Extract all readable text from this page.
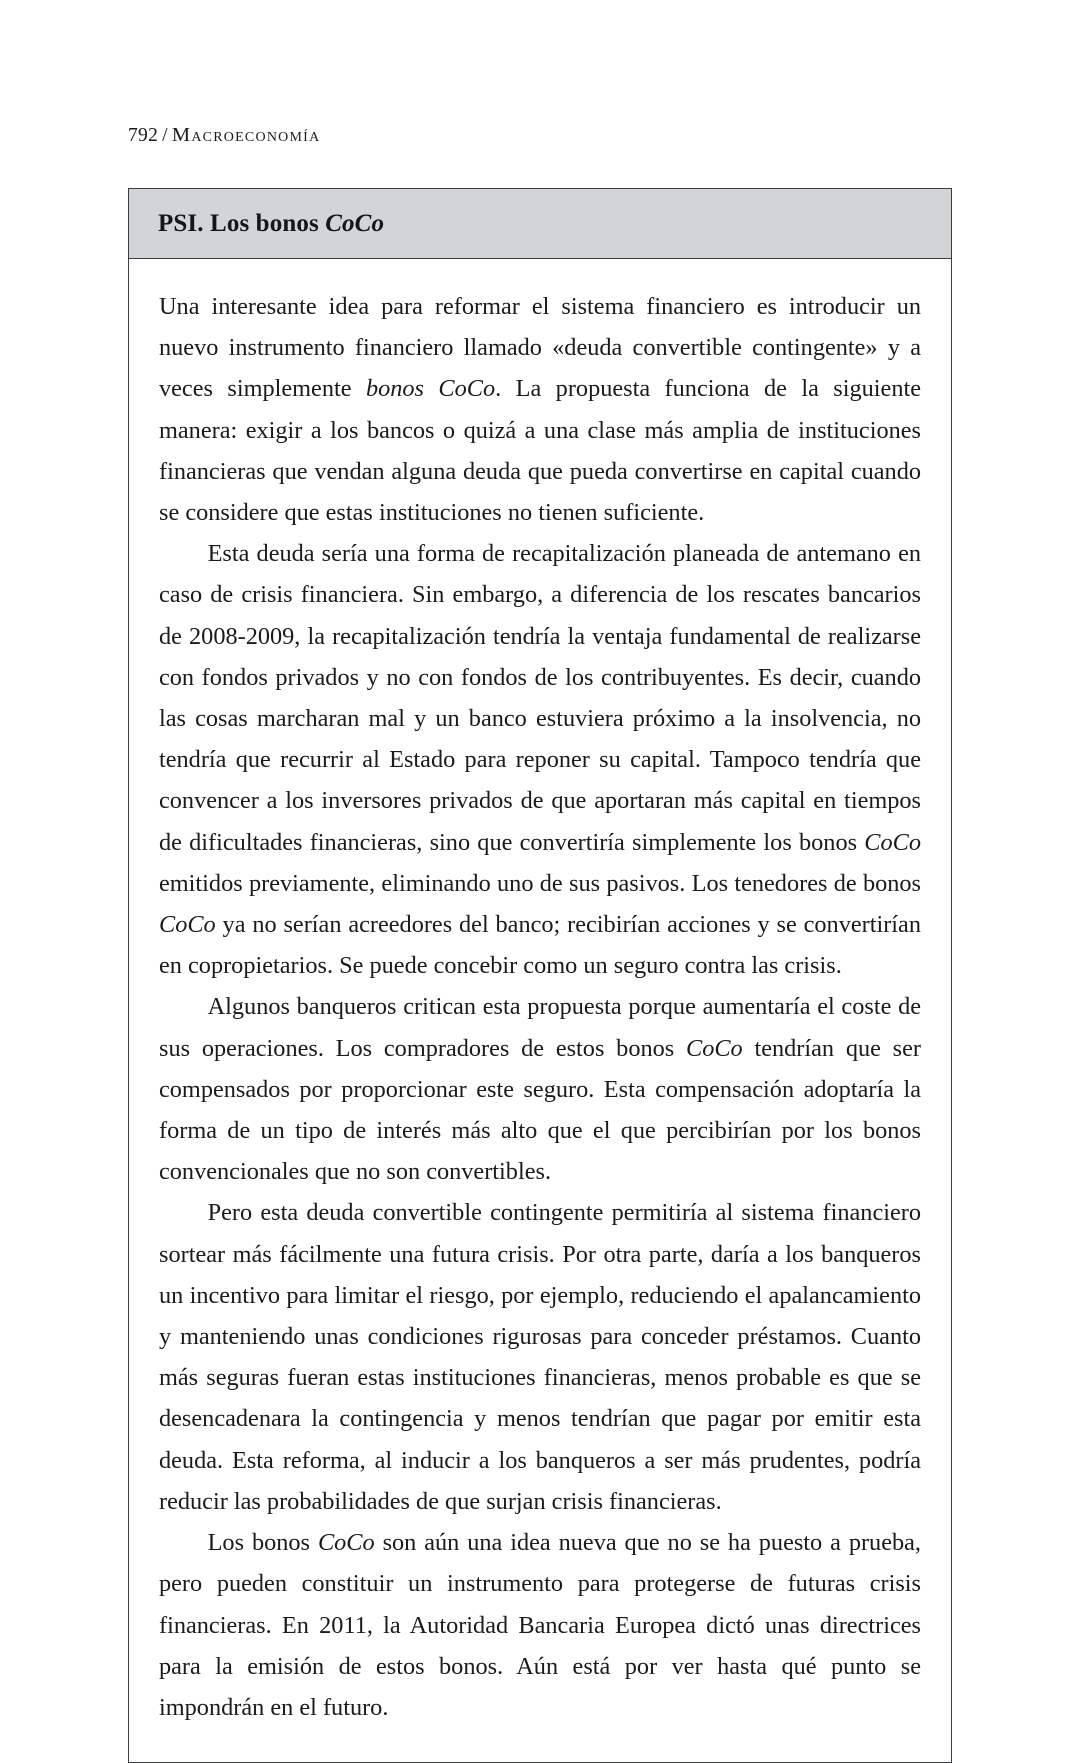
792 / Macroeconomía
PSI. Los bonos CoCo

Una interesante idea para reformar el sistema financiero es introducir un nuevo instrumento financiero llamado «deuda convertible contingente» y a veces simplemente bonos CoCo. La propuesta funciona de la siguiente manera: exigir a los bancos o quizá a una clase más amplia de instituciones financieras que vendan alguna deuda que pueda convertirse en capital cuando se considere que estas instituciones no tienen suficiente.

Esta deuda sería una forma de recapitalización planeada de antemano en caso de crisis financiera. Sin embargo, a diferencia de los rescates bancarios de 2008-2009, la recapitalización tendría la ventaja fundamental de realizarse con fondos privados y no con fondos de los contribuyentes. Es decir, cuando las cosas marcharan mal y un banco estuviera próximo a la insolvencia, no tendría que recurrir al Estado para reponer su capital. Tampoco tendría que convencer a los inversores privados de que aportaran más capital en tiempos de dificultades financieras, sino que convertiría simplemente los bonos CoCo emitidos previamente, eliminando uno de sus pasivos. Los tenedores de bonos CoCo ya no serían acreedores del banco; recibirían acciones y se convertirían en copropietarios. Se puede concebir como un seguro contra las crisis.

Algunos banqueros critican esta propuesta porque aumentaría el coste de sus operaciones. Los compradores de estos bonos CoCo tendrían que ser compensados por proporcionar este seguro. Esta compensación adoptaría la forma de un tipo de interés más alto que el que percibirían por los bonos convencionales que no son convertibles.

Pero esta deuda convertible contingente permitiría al sistema financiero sortear más fácilmente una futura crisis. Por otra parte, daría a los banqueros un incentivo para limitar el riesgo, por ejemplo, reduciendo el apalancamiento y manteniendo unas condiciones rigurosas para conceder préstamos. Cuanto más seguras fueran estas instituciones financieras, menos probable es que se desencadenara la contingencia y menos tendrían que pagar por emitir esta deuda. Esta reforma, al inducir a los banqueros a ser más prudentes, podría reducir las probabilidades de que surjan crisis financieras.

Los bonos CoCo son aún una idea nueva que no se ha puesto a prueba, pero pueden constituir un instrumento para protegerse de futuras crisis financieras. En 2011, la Autoridad Bancaria Europea dictó unas directrices para la emisión de estos bonos. Aún está por ver hasta qué punto se impondrán en el futuro.
